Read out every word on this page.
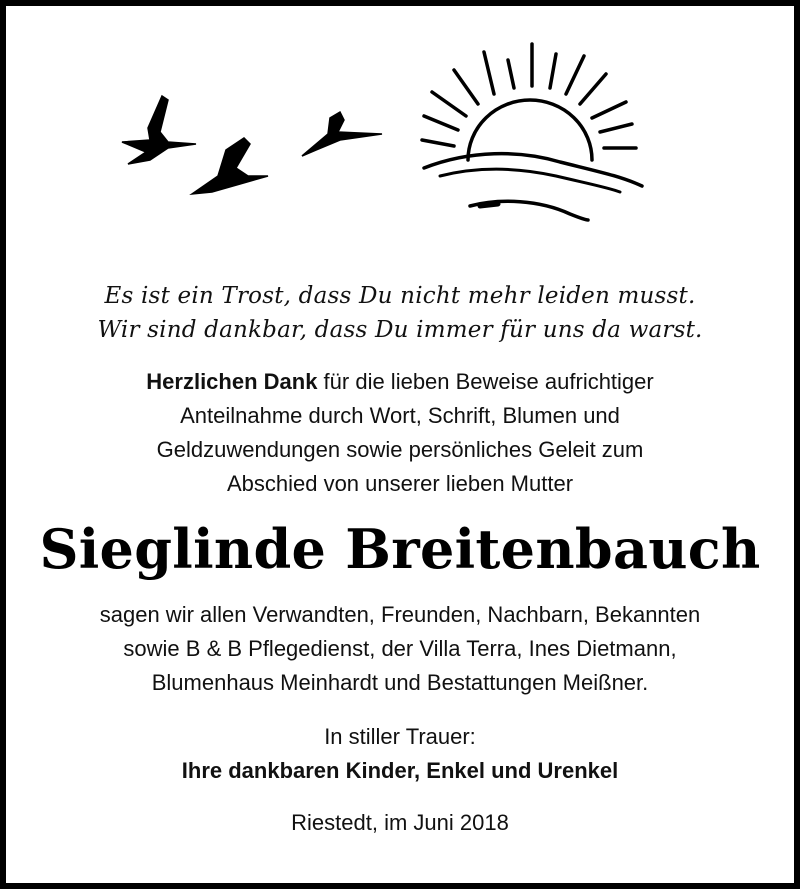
Es ist ein Trost, dass Du nicht mehr leiden musst.
Wir sind dankbar, dass Du immer für uns da warst.
Herzlichen Dank für die lieben Beweise aufrichtiger
Anteilnahme durch Wort, Schrift, Blumen und
Geldzuwendungen sowie persönliches Geleit zum
Abschied von unserer lieben Mutter
Sieglinde Breitenbauch
sagen wir allen Verwandten, Freunden, Nachbarn, Bekannten
sowie B & B Pflegedienst, der Villa Terra, Ines Dietmann,
Blumenhaus Meinhardt und Bestattungen Meißner.
In stiller Trauer:
Ihre dankbaren Kinder, Enkel und Urenkel
Riestedt, im Juni 2018
